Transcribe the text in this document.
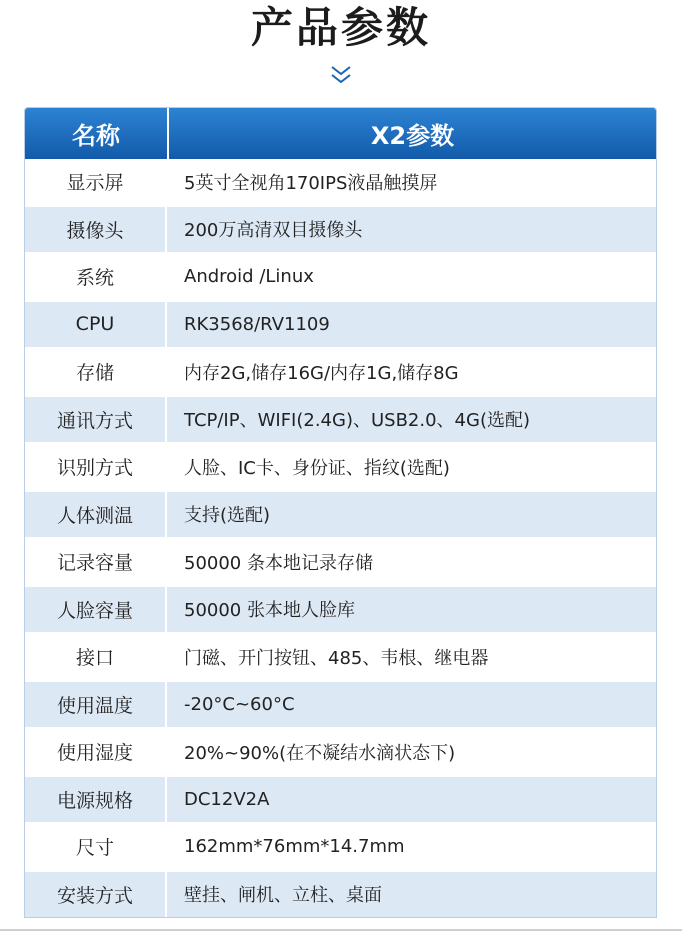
产品参数
名称	X2参数
显示屏	5英寸全视角170IPS液晶触摸屏
摄像头	200万高清双目摄像头
系统	Android /Linux
CPU	RK3568/RV1109
存储	内存2G,储存16G/内存1G,储存8G
通讯方式	TCP/IP、WIFI(2.4G)、USB2.0、4G(选配)
识别方式	人脸、IC卡、身份证、指纹(选配)
人体测温	支持(选配)
记录容量	50000 条本地记录存储
人脸容量	50000 张本地人脸库
接口	门磁、开门按钮、485、韦根、继电器
使用温度	-20°C~60°C
使用湿度	20%~90%(在不凝结水滴状态下)
电源规格	DC12V2A
尺寸	162mm*76mm*14.7mm
安装方式	壁挂、闸机、立柱、桌面
